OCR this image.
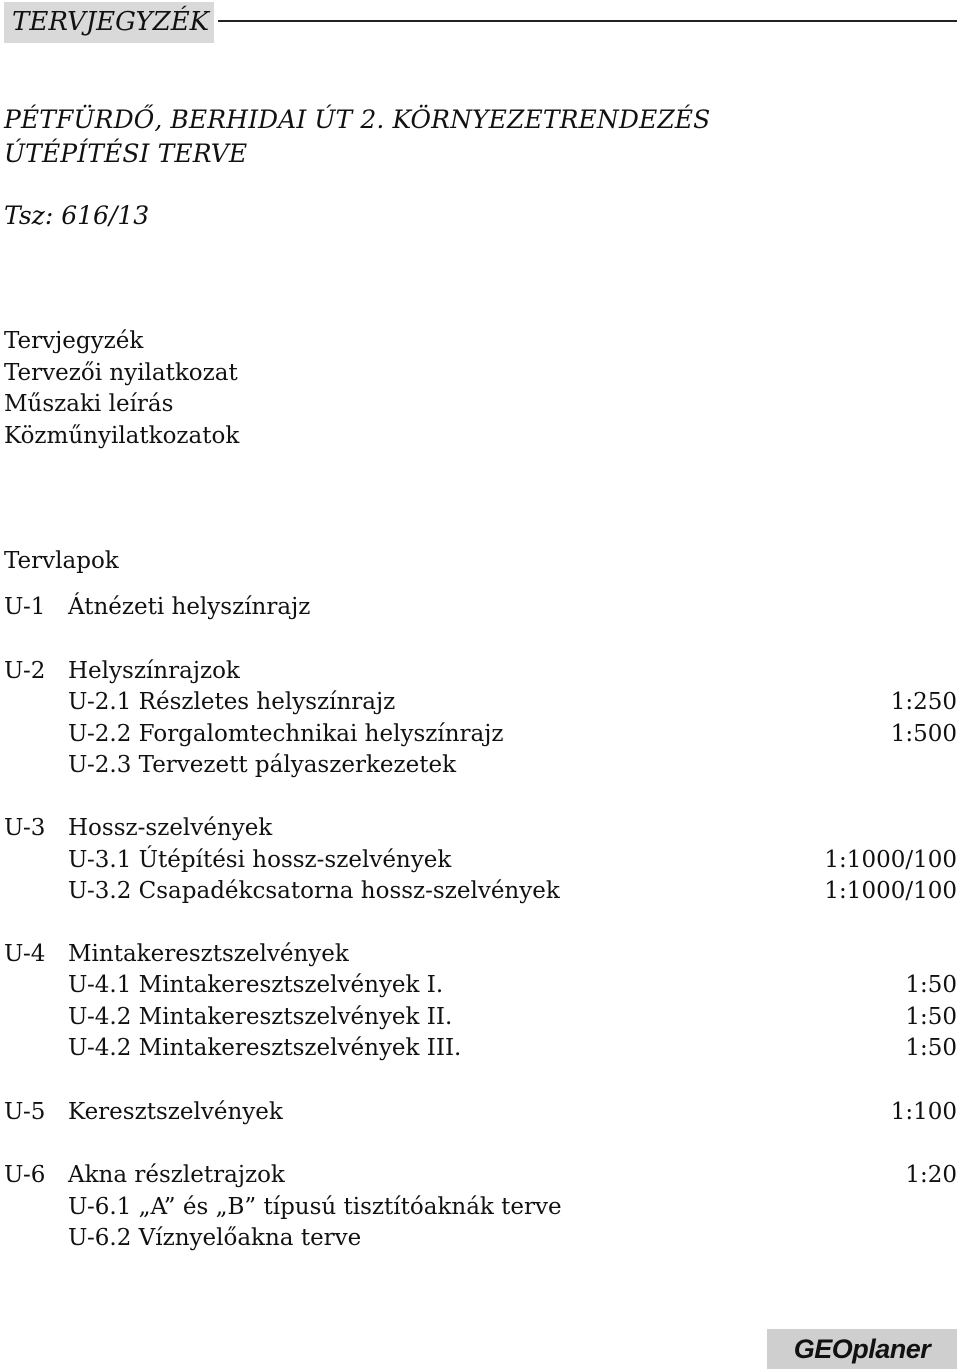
TERVJEGYZÉK
PÉTFÜRDŐ, BERHIDAI ÚT 2. KÖRNYEZETRENDEZÉS
ÚTÉPÍTÉSI TERVE
Tsz: 616/13
Tervjegyzék
Tervezői nyilatkozat
Műszaki leírás
Közműnyilatkozatok
Tervlapok
U-1 Átnézeti helyszínrajz
U-2 Helyszínrajzok
U-2.1 Részletes helyszínrajz	1:250
U-2.2 Forgalomtechnikai helyszínrajz	1:500
U-2.3 Tervezett pályaszerkezetek
U-3 Hossz-szelvények
U-3.1 Útépítési hossz-szelvények	1:1000/100
U-3.2 Csapadékcsatorna hossz-szelvények	1:1000/100
U-4 Mintakeresztszelvények
U-4.1 Mintakeresztszelvények I.	1:50
U-4.2 Mintakeresztszelvények II.	1:50
U-4.2 Mintakeresztszelvények III.	1:50
U-5 Keresztszelvények	1:100
U-6 Akna részletrajzok	1:20
U-6.1 „A” és „B” típusú tisztítóaknák terve
U-6.2 Víznyelőakna terve
GEOplaner
